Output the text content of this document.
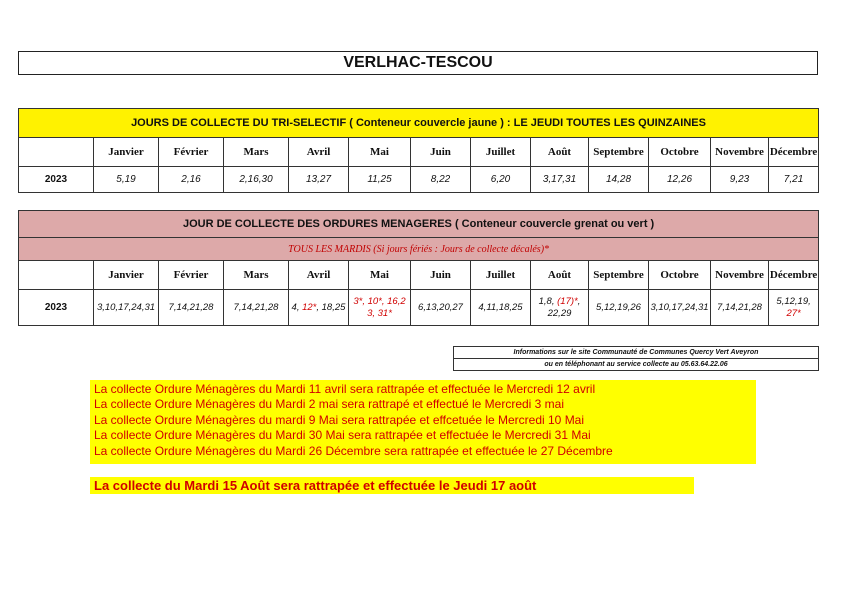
VERLHAC-TESCOU
JOURS DE COLLECTE DU TRI-SELECTIF ( Conteneur couvercle jaune ) : LE JEUDI TOUTES LES QUINZAINES												
	Janvier	Février	Mars	Avril	Mai	Juin	Juillet	Août	Septembre	Octobre	Novembre	Décembre
2023	5,19	2,16	2,16,30	13,27	11,25	8,22	6,20	3,17,31	14,28	12,26	9,23	7,21
JOUR DE COLLECTE DES ORDURES MENAGERES ( Conteneur couvercle grenat ou vert )												
TOUS LES MARDIS (Si jours fériés : Jours de collecte décalés)*												
	Janvier	Février	Mars	Avril	Mai	Juin	Juillet	Août	Septembre	Octobre	Novembre	Décembre
2023	3,10,17,24,31	7,14,21,28	7,14,21,28	4, 12*, 18,25	3*, 10*, 16,2 3, 31*	6,13,20,27	4,11,18,25	1,8, (17)*, 22,29	5,12,19,26	3,10,17,24,31	7,14,21,28	5,12,19, 27*
Informations sur le site Communauté de Communes Quercy Vert Aveyron
ou en téléphonant au service collecte au 05.63.64.22.06
La collecte Ordure Ménagères du Mardi 11 avril sera rattrapée et effectuée le Mercredi 12 avril
La collecte Ordure Ménagères du Mardi 2 mai sera rattrapé et effectué le Mercredi 3 mai
La collecte Ordure Ménagères du mardi 9 Mai sera rattrapée et effcetuée le Mercredi 10 Mai
La collecte Ordure Ménagères du Mardi 30 Mai sera rattrapée et effectuée le Mercredi 31 Mai
La collecte Ordure Ménagères du Mardi 26 Décembre sera rattrapée et effectuée le 27 Décembre
La collecte du Mardi 15 Août sera rattrapée et effectuée le Jeudi 17 août
